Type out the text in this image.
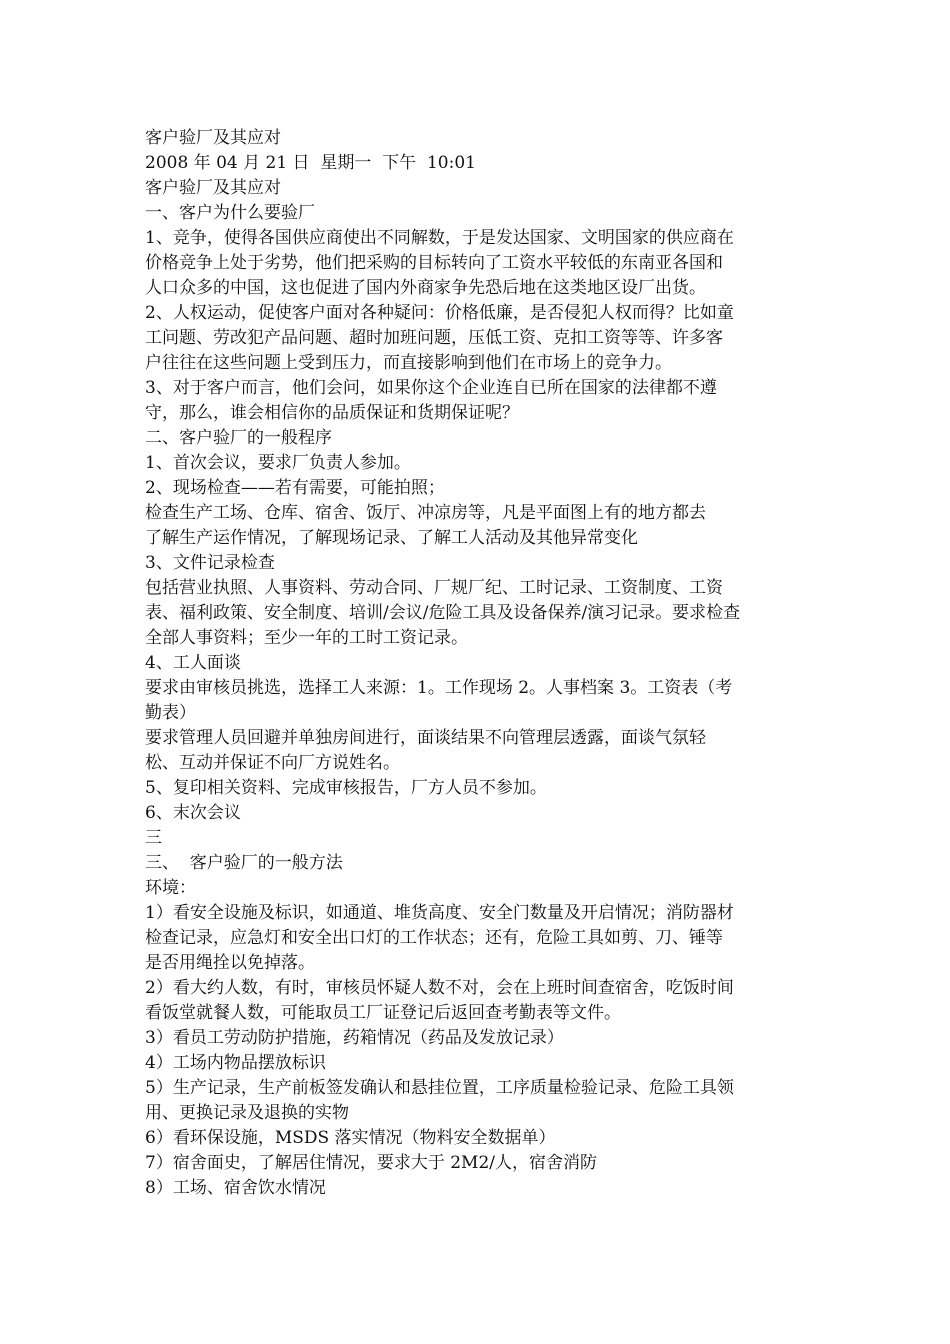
客户验厂及其应对
2008 年 04 月 21 日  星期一  下午  10:01
客户验厂及其应对
一、客户为什么要验厂
1、竞争，使得各国供应商使出不同解数，于是发达国家、文明国家的供应商在
价格竞争上处于劣势，他们把采购的目标转向了工资水平较低的东南亚各国和
人口众多的中国，这也促进了国内外商家争先恐后地在这类地区设厂出货。
2、人权运动，促使客户面对各种疑问：价格低廉，是否侵犯人权而得？比如童
工问题、劳改犯产品问题、超时加班问题，压低工资、克扣工资等等、许多客
户往往在这些问题上受到压力，而直接影响到他们在市场上的竞争力。
3、对于客户而言，他们会问，如果你这个企业连自已所在国家的法律都不遵
守，那么，谁会相信你的品质保证和货期保证呢？
二、客户验厂的一般程序
1、首次会议，要求厂负责人参加。
2、现场检查——若有需要，可能拍照；
检查生产工场、仓库、宿舍、饭厅、冲凉房等，凡是平面图上有的地方都去
了解生产运作情况，了解现场记录、了解工人活动及其他异常变化
3、文件记录检查
包括营业执照、人事资料、劳动合同、厂规厂纪、工时记录、工资制度、工资
表、福利政策、安全制度、培训/会议/危险工具及设备保养/演习记录。要求检查
全部人事资料；至少一年的工时工资记录。
4、工人面谈
要求由审核员挑选，选择工人来源：1。工作现场 2。人事档案 3。工资表（考
勤表）
要求管理人员回避并单独房间进行，面谈结果不向管理层透露，面谈气氛轻
松、互动并保证不向厂方说姓名。
5、复印相关资料、完成审核报告，厂方人员不参加。
6、末次会议
三
三、  客户验厂的一般方法
环境：
1）看安全设施及标识，如通道、堆货高度、安全门数量及开启情况；消防器材
检查记录，应急灯和安全出口灯的工作状态；还有，危险工具如剪、刀、锤等
是否用绳拴以免掉落。
2）看大约人数，有时，审核员怀疑人数不对，会在上班时间查宿舍，吃饭时间
看饭堂就餐人数，可能取员工厂证登记后返回查考勤表等文件。
3）看员工劳动防护措施，药箱情况（药品及发放记录）
4）工场内物品摆放标识
5）生产记录，生产前板签发确认和悬挂位置，工序质量检验记录、危险工具领
用、更换记录及退换的实物
6）看环保设施，MSDS 落实情况（物料安全数据单）
7）宿舍面史，了解居住情况，要求大于 2M2/人，宿舍消防
8）工场、宿舍饮水情况
